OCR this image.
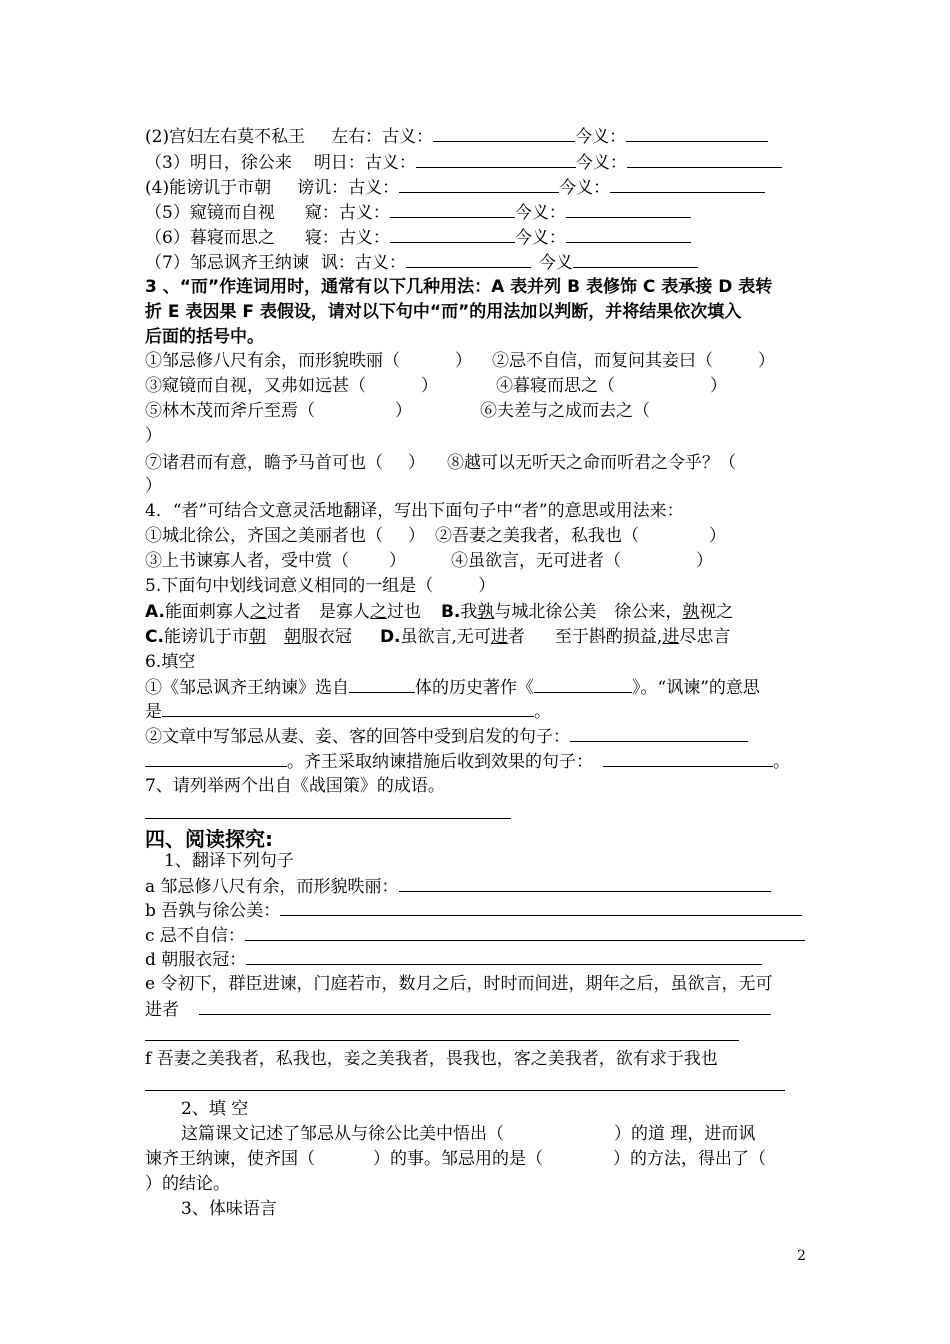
(2)宫妇左右莫不私王 左右：古义：	今义：
（3）明日，徐公来 明日：古义：	今义：
(4)能谤讥于市朝 谤讥：古义：	今义：
（5）窥镜而自视 窥：古义：	今义：
（6）暮寝而思之 寝：古义：	今义：
（7）邹忌讽齐王纳谏 讽：古义：	今义
3 、“而”作连词用时，通常有以下几种用法：A 表并列 B 表修饰 C 表承接 D 表转
折 E 表因果 F 表假设，请对以下句中“而”的用法加以判断，并将结果依次填入
后面的括号中。
①邹忌修八尺有余，而形貌昳丽（	） ②忌不自信，而复问其妾曰（	）
③窥镜而自视，又弗如远甚（	）	④暮寝而思之（	）
⑤林木茂而斧斤至焉（	）	⑥夫差与之成而去之（
）
⑦诸君而有意，瞻予马首可也（ ） ⑧越可以无听天之命而听君之令乎？（
）
4．“者”可结合文意灵活地翻译，写出下面句子中“者”的意思或用法来：
①城北徐公，齐国之美丽者也（ ） ②吾妻之美我者，私我也（	）
③上书谏寡人者，受中赏（ ）	④虽欲言，无可进者（	）
5.下面句中划线词意义相同的一组是（	）
A.能面刺寡人之过者 是寡人之过也 B.我孰与城北徐公美 徐公来，孰视之
C.能谤讥于市朝 朝服衣冠 D.虽欲言,无可进者 至于斟酌损益,进尽忠言
6.填空
①《邹忌讽齐王纳谏》选自	体的历史著作《	》。“讽谏”的意思
是	。
②文章中写邹忌从妻、妾、客的回答中受到启发的句子：
。齐王采取纳谏措施后收到效果的句子：	。
7、请列举两个出自《战国策》的成语。
四、阅读探究:
1、翻译下列句子
a 邹忌修八尺有余，而形貌昳丽：
b 吾孰与徐公美：
c 忌不自信：
d 朝服衣冠：
e 令初下，群臣进谏，门庭若市，数月之后，时时而间进，期年之后，虽欲言，无可
进者
f 吾妻之美我者，私我也，妾之美我者，畏我也，客之美我者，欲有求于我也
2、填 空
这篇课文记述了邹忌从与徐公比美中悟出（	）的道 理，进而讽
谏齐王纳谏，使齐国（	）的事。邹忌用的是（	）的方法，得出了（
）的结论。
3、体味语言
2
